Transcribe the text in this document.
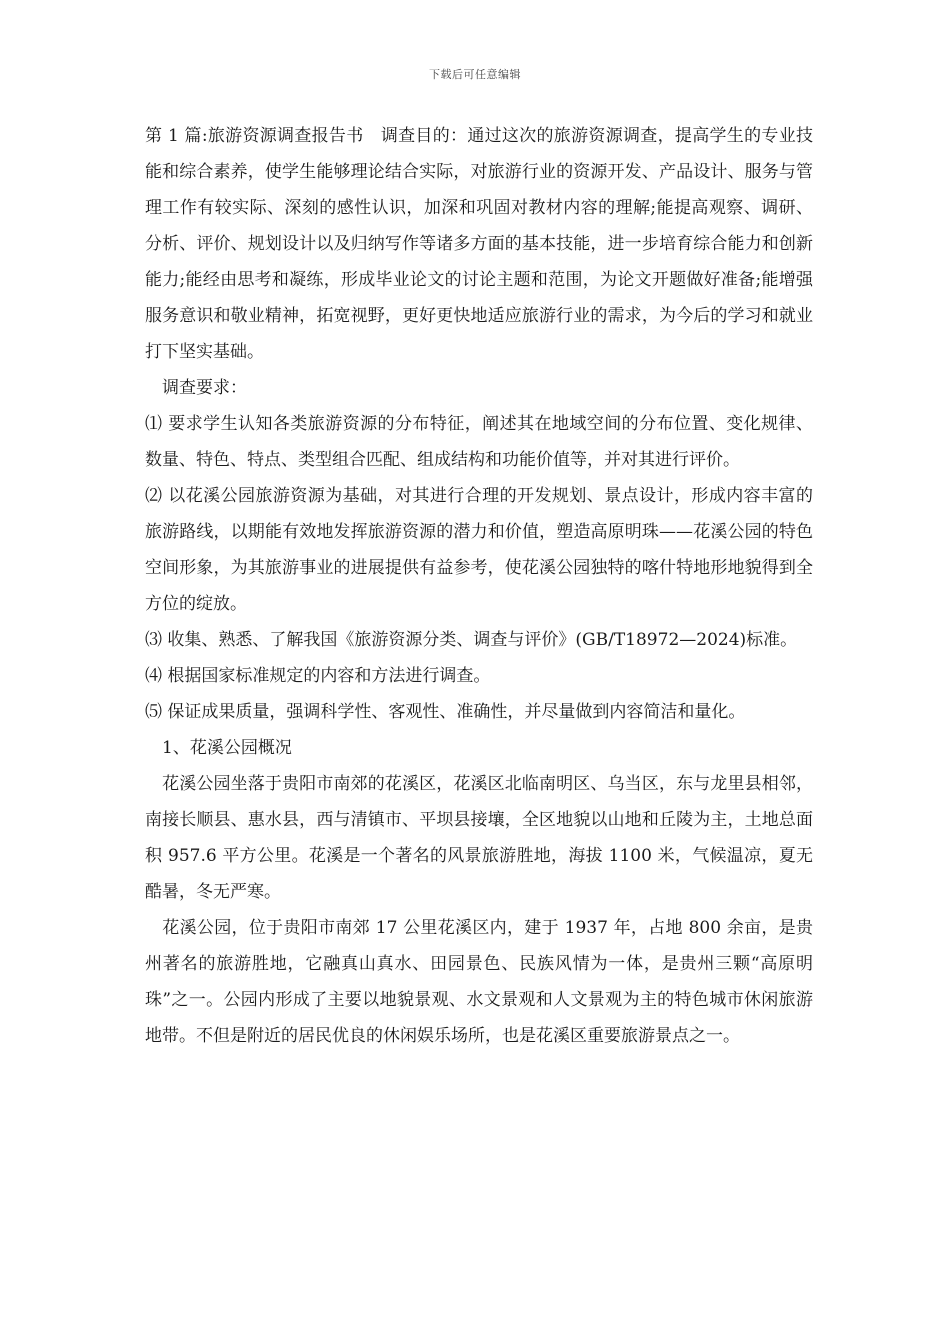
下载后可任意编辑

第 1 篇:旅游资源调查报告书　调查目的：通过这次的旅游资源调查，提高学生的专业技能和综合素养，使学生能够理论结合实际，对旅游行业的资源开发、产品设计、服务与管理工作有较实际、深刻的感性认识，加深和巩固对教材内容的理解;能提高观察、调研、分析、评价、规划设计以及归纳写作等诸多方面的基本技能，进一步培育综合能力和创新能力;能经由思考和凝练，形成毕业论文的讨论主题和范围，为论文开题做好准备;能增强服务意识和敬业精神，拓宽视野，更好更快地适应旅游行业的需求，为今后的学习和就业打下坚实基础。

　调查要求：

⑴ 要求学生认知各类旅游资源的分布特征，阐述其在地域空间的分布位置、变化规律、数量、特色、特点、类型组合匹配、组成结构和功能价值等，并对其进行评价。

⑵ 以花溪公园旅游资源为基础，对其进行合理的开发规划、景点设计，形成内容丰富的旅游路线，以期能有效地发挥旅游资源的潜力和价值，塑造高原明珠——花溪公园的特色空间形象，为其旅游事业的进展提供有益参考，使花溪公园独特的喀什特地形地貌得到全方位的绽放。

⑶ 收集、熟悉、了解我国《旅游资源分类、调查与评价》(GB/T18972—2024)标准。

⑷ 根据国家标准规定的内容和方法进行调查。

⑸ 保证成果质量，强调科学性、客观性、准确性，并尽量做到内容简洁和量化。

　1、花溪公园概况

　花溪公园坐落于贵阳市南郊的花溪区，花溪区北临南明区、乌当区，东与龙里县相邻，南接长顺县、惠水县，西与清镇市、平坝县接壤，全区地貌以山地和丘陵为主，土地总面积 957.6 平方公里。花溪是一个著名的风景旅游胜地，海拔 1100 米，气候温凉，夏无酷暑，冬无严寒。

　花溪公园，位于贵阳市南郊 17 公里花溪区内，建于 1937 年，占地 800 余亩，是贵州著名的旅游胜地，它融真山真水、田园景色、民族风情为一体，是贵州三颗“高原明珠”之一。公园内形成了主要以地貌景观、水文景观和人文景观为主的特色城市休闲旅游地带。不但是附近的居民优良的休闲娱乐场所，也是花溪区重要旅游景点之一。
